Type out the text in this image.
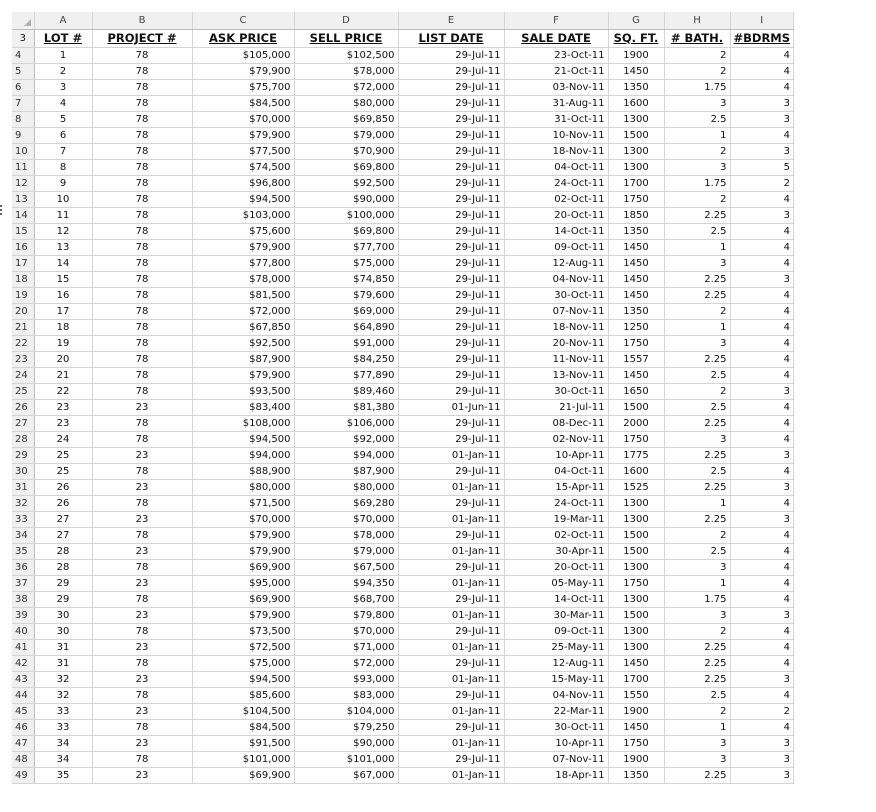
	A	B	C	D	E	F	G	H	I
3	LOT #	PROJECT #	ASK PRICE	SELL PRICE	LIST DATE	SALE DATE	SQ. FT.	# BATH.	#BDRMS
4	1	78	$105,000	$102,500	29-Jul-11	23-Oct-11	1900	2	4
5	2	78	$79,900	$78,000	29-Jul-11	21-Oct-11	1450	2	4
6	3	78	$75,700	$72,000	29-Jul-11	03-Nov-11	1350	1.75	4
7	4	78	$84,500	$80,000	29-Jul-11	31-Aug-11	1600	3	3
8	5	78	$70,000	$69,850	29-Jul-11	31-Oct-11	1300	2.5	3
9	6	78	$79,900	$79,000	29-Jul-11	10-Nov-11	1500	1	4
10	7	78	$77,500	$70,900	29-Jul-11	18-Nov-11	1300	2	3
11	8	78	$74,500	$69,800	29-Jul-11	04-Oct-11	1300	3	5
12	9	78	$96,800	$92,500	29-Jul-11	24-Oct-11	1700	1.75	2
13	10	78	$94,500	$90,000	29-Jul-11	02-Oct-11	1750	2	4
14	11	78	$103,000	$100,000	29-Jul-11	20-Oct-11	1850	2.25	3
15	12	78	$75,600	$69,800	29-Jul-11	14-Oct-11	1350	2.5	4
16	13	78	$79,900	$77,700	29-Jul-11	09-Oct-11	1450	1	4
17	14	78	$77,800	$75,000	29-Jul-11	12-Aug-11	1450	3	4
18	15	78	$78,000	$74,850	29-Jul-11	04-Nov-11	1450	2.25	3
19	16	78	$81,500	$79,600	29-Jul-11	30-Oct-11	1450	2.25	4
20	17	78	$72,000	$69,000	29-Jul-11	07-Nov-11	1350	2	4
21	18	78	$67,850	$64,890	29-Jul-11	18-Nov-11	1250	1	4
22	19	78	$92,500	$91,000	29-Jul-11	20-Nov-11	1750	3	4
23	20	78	$87,900	$84,250	29-Jul-11	11-Nov-11	1557	2.25	4
24	21	78	$79,900	$77,890	29-Jul-11	13-Nov-11	1450	2.5	4
25	22	78	$93,500	$89,460	29-Jul-11	30-Oct-11	1650	2	3
26	23	23	$83,400	$81,380	01-Jun-11	21-Jul-11	1500	2.5	4
27	23	78	$108,000	$106,000	29-Jul-11	08-Dec-11	2000	2.25	4
28	24	78	$94,500	$92,000	29-Jul-11	02-Nov-11	1750	3	4
29	25	23	$94,000	$94,000	01-Jan-11	10-Apr-11	1775	2.25	3
30	25	78	$88,900	$87,900	29-Jul-11	04-Oct-11	1600	2.5	4
31	26	23	$80,000	$80,000	01-Jan-11	15-Apr-11	1525	2.25	3
32	26	78	$71,500	$69,280	29-Jul-11	24-Oct-11	1300	1	4
33	27	23	$70,000	$70,000	01-Jan-11	19-Mar-11	1300	2.25	3
34	27	78	$79,900	$78,000	29-Jul-11	02-Oct-11	1500	2	4
35	28	23	$79,900	$79,000	01-Jan-11	30-Apr-11	1500	2.5	4
36	28	78	$69,900	$67,500	29-Jul-11	20-Oct-11	1300	3	4
37	29	23	$95,000	$94,350	01-Jan-11	05-May-11	1750	1	4
38	29	78	$69,900	$68,700	29-Jul-11	14-Oct-11	1300	1.75	4
39	30	23	$79,900	$79,800	01-Jan-11	30-Mar-11	1500	3	3
40	30	78	$73,500	$70,000	29-Jul-11	09-Oct-11	1300	2	4
41	31	23	$72,500	$71,000	01-Jan-11	25-May-11	1300	2.25	4
42	31	78	$75,000	$72,000	29-Jul-11	12-Aug-11	1450	2.25	4
43	32	23	$94,500	$93,000	01-Jan-11	15-May-11	1700	2.25	3
44	32	78	$85,600	$83,000	29-Jul-11	04-Nov-11	1550	2.5	4
45	33	23	$104,500	$104,000	01-Jan-11	22-Mar-11	1900	2	2
46	33	78	$84,500	$79,250	29-Jul-11	30-Oct-11	1450	1	4
47	34	23	$91,500	$90,000	01-Jan-11	10-Apr-11	1750	3	3
48	34	78	$101,000	$101,000	29-Jul-11	07-Nov-11	1900	3	3
49	35	23	$69,900	$67,000	01-Jan-11	18-Apr-11	1350	2.25	3
